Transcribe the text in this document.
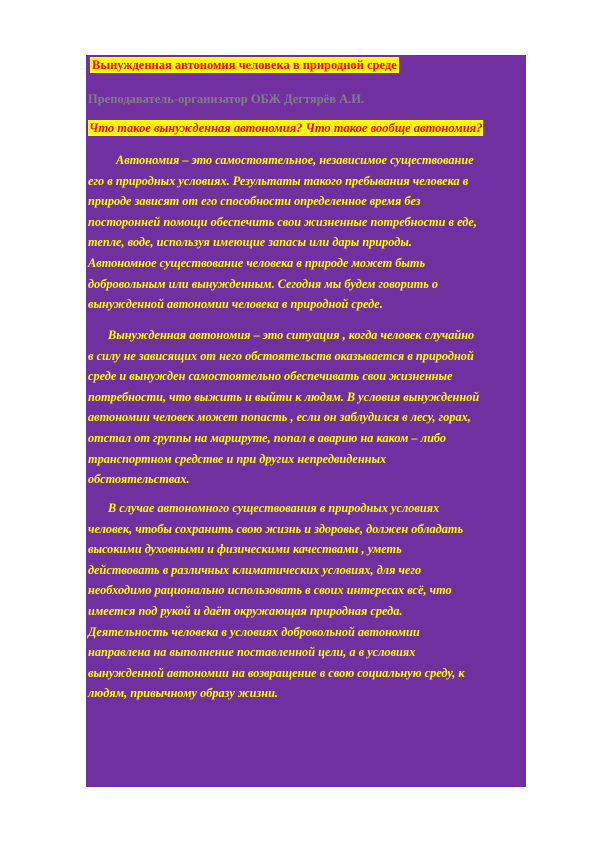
Вынужденная автономия человека в природной среде

Преподаватель-организатор ОБЖ Дегтярёв А.И.

Что такое вынужденная автономия? Что такое вообще автономия?

Автономия – это самостоятельное, независимое существование
его в природных условиях. Результаты такого пребывания человека в
природе зависят от его способности определенное время без
посторонней помощи обеспечить свои жизненные потребности в еде,
тепле, воде, используя имеющие запасы или дары природы.
Автономное существование человека в природе может быть
добровольным или вынужденным. Сегодня мы будем говорить о
вынужденной автономии человека в природной среде.

Вынужденная автономия – это ситуация , когда человек случайно
в силу не зависящих от него обстоятельств оказывается в природной
среде и вынужден самостоятельно обеспечивать свои жизненные
потребности, что выжить и выйти к людям. В условия вынужденной
автономии человек может попасть , если он заблудился в лесу, горах,
отстал от группы на маршруте, попал в аварию на каком – либо
транспортном средстве и при других непредвиденных
обстоятельствах.

В случае автономного существования в природных условиях
человек, чтобы сохранить свою жизнь и здоровье, должен обладать
высокими духовными и физическими качествами , уметь
действовать в различных климатических условиях, для чего
необходимо рационально использовать в своих интересах всё, что
имеется под рукой и даёт окружающая природная среда.
Деятельность человека в условиях добровольной автономии
направлена на выполнение поставленной цели, а в условиях
вынужденной автономии на возвращение в свою социальную среду, к
людям, привычному образу жизни.
